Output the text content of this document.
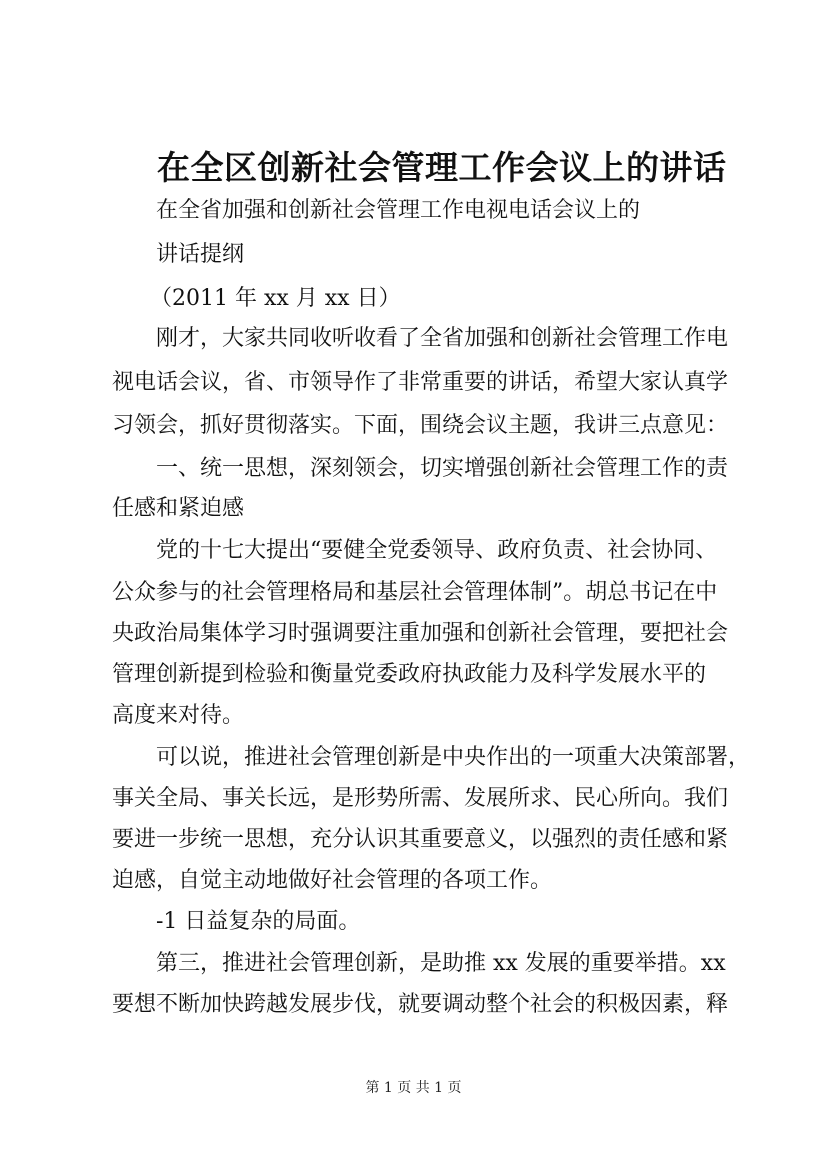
在全区创新社会管理工作会议上的讲话
在全省加强和创新社会管理工作电视电话会议上的
讲话提纲
（2011 年 xx 月 xx 日）
刚才，大家共同收听收看了全省加强和创新社会管理工作电
视电话会议，省、市领导作了非常重要的讲话，希望大家认真学
习领会，抓好贯彻落实。下面，围绕会议主题，我讲三点意见：
一、统一思想，深刻领会，切实增强创新社会管理工作的责
任感和紧迫感
党的十七大提出“要健全党委领导、政府负责、社会协同、
公众参与的社会管理格局和基层社会管理体制”。胡总书记在中
央政治局集体学习时强调要注重加强和创新社会管理，要把社会
管理创新提到检验和衡量党委政府执政能力及科学发展水平的
高度来对待。
可以说，推进社会管理创新是中央作出的一项重大决策部署，
事关全局、事关长远，是形势所需、发展所求、民心所向。我们
要进一步统一思想，充分认识其重要意义，以强烈的责任感和紧
迫感，自觉主动地做好社会管理的各项工作。
-1 日益复杂的局面。
第三，推进社会管理创新，是助推 xx 发展的重要举措。xx
要想不断加快跨越发展步伐，就要调动整个社会的积极因素，释
第 1 页 共 1 页
